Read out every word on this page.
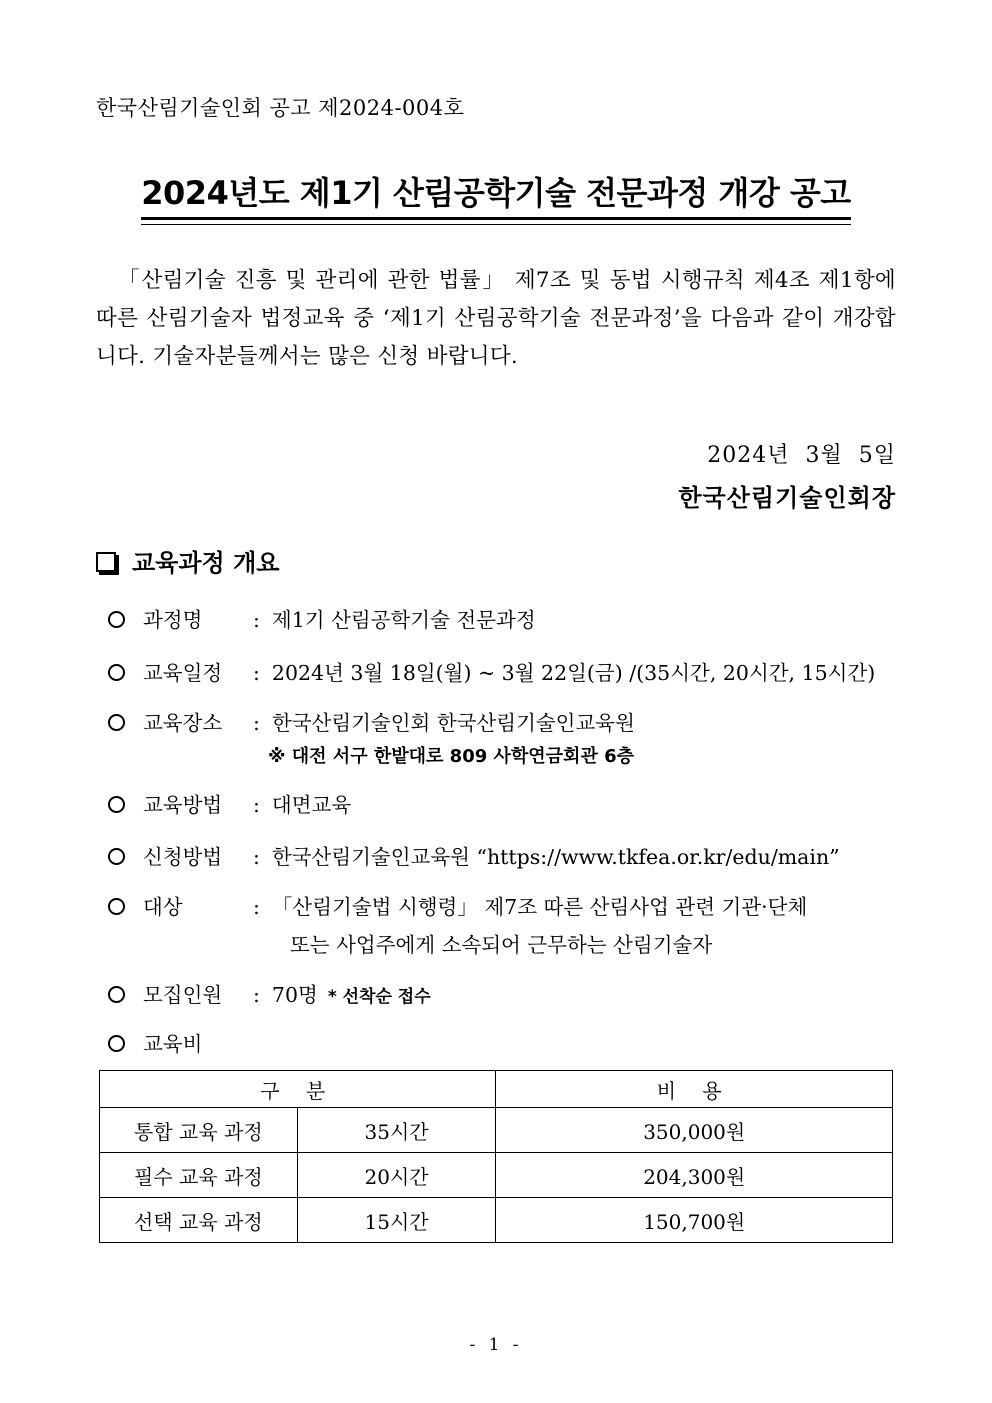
한국산림기술인회 공고 제2024-004호
2024년도 제1기 산림공학기술 전문과정 개강 공고

「산림기술 진흥 및 관리에 관한 법률」 제7조 및 동법 시행규칙 제4조 제1항에 따른 산림기술자 법정교육 중 ‘제1기 산림공학기술 전문과정’을 다음과 같이 개강합니다. 기술자분들께서는 많은 신청 바랍니다.

2024년 3월 5일
한국산림기술인회장
교육과정 개요
과정명	: 제1기 산림공학기술 전문과정
교육일정	: 2024년 3월 18일(월) ~ 3월 22일(금) /(35시간, 20시간, 15시간)
교육장소	: 한국산림기술인회 한국산림기술인교육원
※ 대전 서구 한밭대로 809 사학연금회관 6층
교육방법	: 대면교육
신청방법	: 한국산림기술인교육원 “https://www.tkfea.or.kr/edu/main”
대상	: 「산림기술법 시행령」 제7조 따른 산림사업 관련 기관·단체
또는 사업주에게 소속되어 근무하는 산림기술자
모집인원	: 70명 * 선착순 접수
교육비
구 분		비 용
통합 교육 과정	35시간	350,000원
필수 교육 과정	20시간	204,300원
선택 교육 과정	15시간	150,700원
- 1 -
